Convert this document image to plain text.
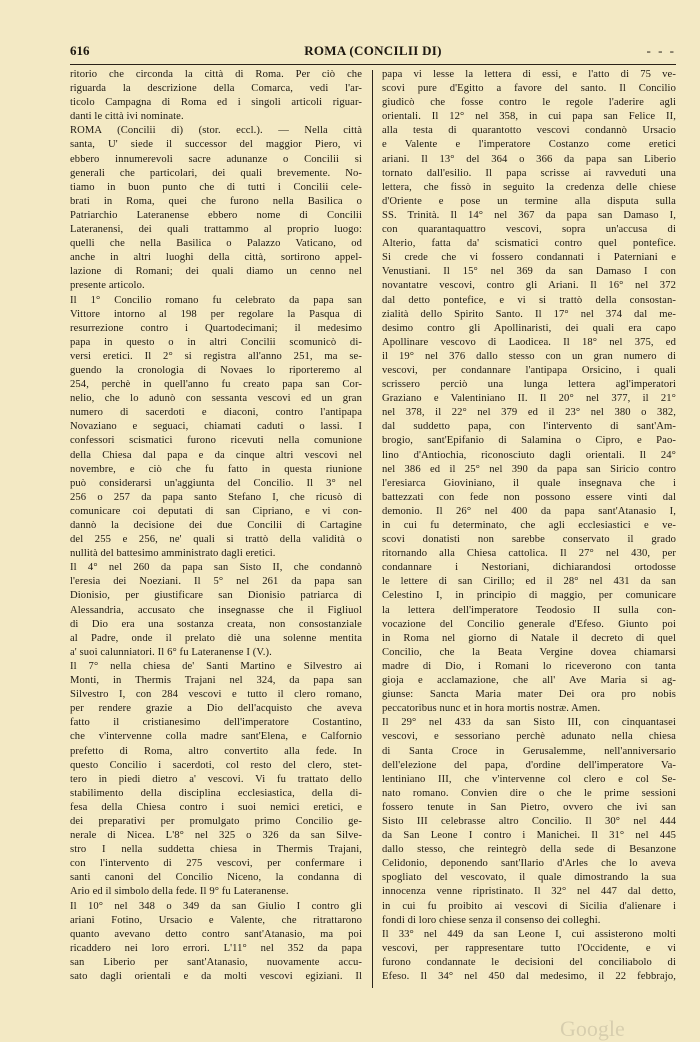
616	ROMA (CONCILII DI)	- - -
ritorio che circonda la città di Roma. Per ciò che
riguarda la descrizione della Comarca, vedi l'ar-
ticolo Campagna di Roma ed i singoli articoli riguar-
danti le città ivi nominate.
ROMA (Concilii di) (stor. eccl.). — Nella città
santa, U' siede il successor del maggior Piero, vi
ebbero innumerevoli sacre adunanze o Concilii si
generali che particolari, dei quali brevemente. No-
tiamo in buon punto che di tutti i Concilii cele-
brati in Roma, quei che furono nella Basilica o
Patriarchio Lateranense ebbero nome di Concilii
Lateranensi, dei quali trattammo al proprio luogo:
quelli che nella Basilica o Palazzo Vaticano, od
anche in altri luoghi della città, sortirono appel-
lazione di Romani; dei quali diamo un cenno nel
presente articolo.
Il 1° Concilio romano fu celebrato da papa san
Vittore intorno al 198 per regolare la Pasqua di
resurrezione contro i Quartodecimani; il medesimo
papa in questo o in altri Concilii scomunicò di-
versi eretici. Il 2° si registra all'anno 251, ma se-
guendo la cronologia di Novaes lo riporteremo al
254, perchè in quell'anno fu creato papa san Cor-
nelio, che lo adunò con sessanta vescovi ed un gran
numero di sacerdoti e diaconi, contro l'antipapa
Novaziano e seguaci, chiamati caduti o lassi. I
confessori scismatici furono ricevuti nella comunione
della Chiesa dal papa e da cinque altri vescovi nel
novembre, e ciò che fu fatto in questa riunione
può considerarsi un'aggiunta del Concilio. Il 3° nel
256 o 257 da papa santo Stefano I, che ricusò di
comunicare coi deputati di san Cipriano, e vi con-
dannò la decisione dei due Concilii di Cartagine
del 255 e 256, ne' quali si trattò della validità o
nullità del battesimo amministrato dagli eretici.
Il 4° nel 260 da papa san Sisto II, che condannò
l'eresia dei Noeziani. Il 5° nel 261 da papa san
Dionisio, per giustificare san Dionisio patriarca di
Alessandria, accusato che insegnasse che il Figliuol
di Dio era una sostanza creata, non consostanziale
al Padre, onde il prelato diè una solenne mentita
a' suoi calunniatori. Il 6° fu Lateranense I (V.).
Il 7° nella chiesa de' Santi Martino e Silvestro ai
Monti, in Thermis Trajani nel 324, da papa san
Silvestro I, con 284 vescovi e tutto il clero romano,
per rendere grazie a Dio dell'acquisto che aveva
fatto il cristianesimo dell'imperatore Costantino,
che v'intervenne colla madre sant'Elena, e Calfornio
prefetto di Roma, altro convertito alla fede. In
questo Concilio i sacerdoti, col resto del clero, stet-
tero in piedi dietro a' vescovi. Vi fu trattato dello
stabilimento della disciplina ecclesiastica, della di-
fesa della Chiesa contro i suoi nemici eretici, e
dei preparativi per promulgato primo Concilio ge-
nerale di Nicea. L'8° nel 325 o 326 da san Silve-
stro I nella suddetta chiesa in Thermis Trajani,
con l'intervento di 275 vescovi, per confermare i
santi canoni del Concilio Niceno, la condanna di
Ario ed il simbolo della fede. Il 9° fu Lateranense.
Il 10° nel 348 o 349 da san Giulio I contro gli
ariani Fotino, Ursacio e Valente, che ritrattarono
quanto avevano detto contro sant'Atanasio, ma poi
ricaddero nei loro errori. L'11° nel 352 da papa
san Liberio per sant'Atanasio, nuovamente accu-
sato dagli orientali e da molti vescovi egiziani. Il
papa vi lesse la lettera di essi, e l'atto di 75 ve-
scovi pure d'Egitto a favore del santo. Il Concilio
giudicò che fosse contro le regole l'aderire agli
orientali. Il 12° nel 358, in cui papa san Felice II,
alla testa di quarantotto vescovi condannò Ursacio
e Valente e l'imperatore Costanzo come eretici
ariani. Il 13° del 364 o 366 da papa san Liberio
tornato dall'esilio. Il papa scrisse ai ravveduti una
lettera, che fissò in seguito la credenza delle chiese
d'Oriente e pose un termine alla disputa sulla
SS. Trinità. Il 14° nel 367 da papa san Damaso I,
con quarantaquattro vescovi, sopra un'accusa di
Alterio, fatta da' scismatici contro quel pontefice.
Si crede che vi fossero condannati i Paterniani e
Venustiani. Il 15° nel 369 da san Damaso I con
novantatre vescovi, contro gli Ariani. Il 16° nel 372
dal detto pontefice, e vi si trattò della consostan-
zialità dello Spirito Santo. Il 17° nel 374 dal me-
desimo contro gli Apollinaristi, dei quali era capo
Apollinare vescovo di Laodicea. Il 18° nel 375, ed
il 19° nel 376 dallo stesso con un gran numero di
vescovi, per condannare l'antipapa Orsicino, i quali
scrissero perciò una lunga lettera agl'imperatori
Graziano e Valentiniano II. Il 20° nel 377, il 21°
nel 378, il 22° nel 379 ed il 23° nel 380 o 382,
dal suddetto papa, con l'intervento di sant'Am-
brogio, sant'Epifanio di Salamina o Cipro, e Pao-
lino d'Antiochia, riconosciuto dagli orientali. Il 24°
nel 386 ed il 25° nel 390 da papa san Siricio contro
l'eresiarca Gioviniano, il quale insegnava che i
battezzati con fede non possono essere vinti dal
demonio. Il 26° nel 400 da papa sant'Atanasio I,
in cui fu determinato, che agli ecclesiastici e ve-
scovi donatisti non sarebbe conservato il grado
ritornando alla Chiesa cattolica. Il 27° nel 430, per
condannare i Nestoriani, dichiarandosi ortodosse
le lettere di san Cirillo; ed il 28° nel 431 da san
Celestino I, in principio di maggio, per comunicare
la lettera dell'imperatore Teodosio II sulla con-
vocazione del Concilio generale d'Efeso. Giunto poi
in Roma nel giorno di Natale il decreto di quel
Concilio, che la Beata Vergine dovea chiamarsi
madre di Dio, i Romani lo riceverono con tanta
gioja e acclamazione, che all' Ave Maria si ag-
giunse: Sancta Maria mater Dei ora pro nobis
peccatoribus nunc et in hora mortis nostræ. Amen.
Il 29° nel 433 da san Sisto III, con cinquantasei
vescovi, e sessoriano perchè adunato nella chiesa
di Santa Croce in Gerusalemme, nell'anniversario
dell'elezione del papa, d'ordine dell'imperatore Va-
lentiniano III, che v'intervenne col clero e col Se-
nato romano. Convien dire o che le prime sessioni
fossero tenute in San Pietro, ovvero che ivi san
Sisto III celebrasse altro Concilio. Il 30° nel 444
da San Leone I contro i Manichei. Il 31° nel 445
dallo stesso, che reintegrò della sede di Besanzone
Celidonio, deponendo sant'Ilario d'Arles che lo aveva
spogliato del vescovato, il quale dimostrando la sua
innocenza venne ripristinato. Il 32° nel 447 dal detto,
in cui fu proibito ai vescovi di Sicilia d'alienare i
fondi di loro chiese senza il consenso dei colleghi.
Il 33° nel 449 da san Leone I, cui assisterono molti
vescovi, per rappresentare tutto l'Occidente, e vi
furono condannate le decisioni del conciliabolo di
Efeso. Il 34° nel 450 dal medesimo, il 22 febbrajo,
Google
